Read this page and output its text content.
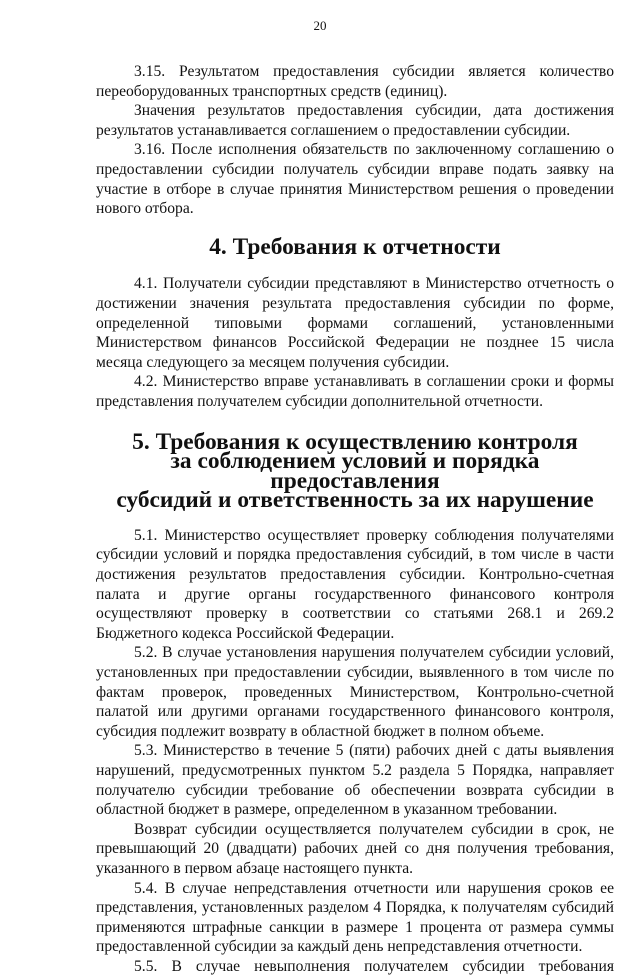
20

3.15. Результатом предоставления субсидии является количество переоборудованных транспортных средств (единиц).

Значения результатов предоставления субсидии, дата достижения результатов устанавливается соглашением о предоставлении субсидии.

3.16. После исполнения обязательств по заключенному соглашению о предоставлении субсидии получатель субсидии вправе подать заявку на участие в отборе в случае принятия Министерством решения о проведении нового отбора.

4. Требования к отчетности

4.1. Получатели субсидии представляют в Министерство отчетность о достижении значения результата предоставления субсидии по форме, определенной типовыми формами соглашений, установленными Министерством финансов Российской Федерации не позднее 15 числа месяца следующего за месяцем получения субсидии.

4.2. Министерство вправе устанавливать в соглашении сроки и формы представления получателем субсидии дополнительной отчетности.

5. Требования к осуществлению контроля
за соблюдением условий и порядка предоставления
субсидий и ответственность за их нарушение

5.1. Министерство осуществляет проверку соблюдения получателями субсидии условий и порядка предоставления субсидий, в том числе в части достижения результатов предоставления субсидии. Контрольно-счетная палата и другие органы государственного финансового контроля осуществляют проверку в соответствии со статьями 268.1 и 269.2 Бюджетного кодекса Российской Федерации.

5.2. В случае установления нарушения получателем субсидии условий, установленных при предоставлении субсидии, выявленного в том числе по фактам проверок, проведенных Министерством, Контрольно-счетной палатой или другими органами государственного финансового контроля, субсидия подлежит возврату в областной бюджет в полном объеме.

5.3. Министерство в течение 5 (пяти) рабочих дней с даты выявления нарушений, предусмотренных пунктом 5.2 раздела 5 Порядка, направляет получателю субсидии требование об обеспечении возврата субсидии в областной бюджет в размере, определенном в указанном требовании.

Возврат субсидии осуществляется получателем субсидии в срок, не превышающий 20 (двадцати) рабочих дней со дня получения требования, указанного в первом абзаце настоящего пункта.

5.4. В случае непредставления отчетности или нарушения сроков ее представления, установленных разделом 4 Порядка, к получателям субсидий применяются штрафные санкции в размере 1 процента от размера суммы предоставленной субсидии за каждый день непредставления отчетности.

5.5. В случае невыполнения получателем субсидии требования
